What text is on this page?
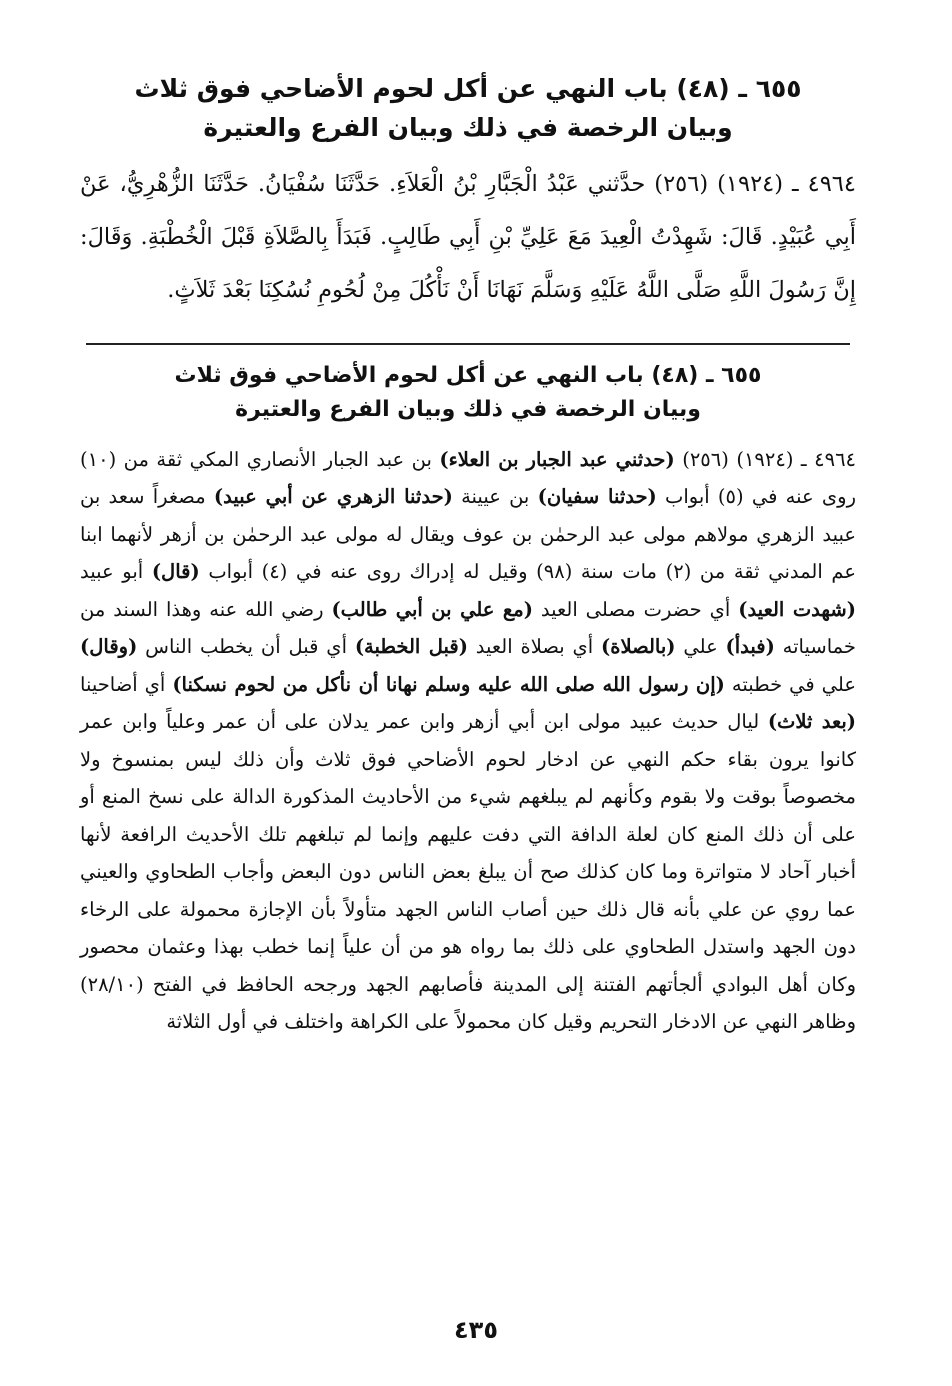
٦٥٥ ـ (٤٨) باب النهي عن أكل لحوم الأضاحي فوق ثلاث
وبيان الرخصة في ذلك وبيان الفرع والعتيرة

٤٩٦٤ ـ (١٩٢٤) (٢٥٦) حدَّثني عَبْدُ الْجَبَّارِ بْنُ الْعَلاَءِ. حَدَّثَنَا سُفْيَانُ. حَدَّثَنَا الزُّهْرِيُّ، عَنْ أَبِي عُبَيْدٍ. قَالَ: شَهِدْتُ الْعِيدَ مَعَ عَلِيِّ بْنِ أَبِي طَالِبٍ. فَبَدَأَ بِالصَّلاَةِ قَبْلَ الْخُطْبَةِ. وَقَالَ: إِنَّ رَسُولَ اللَّهِ صَلَّى اللَّهُ عَلَيْهِ وَسَلَّمَ نَهَانَا أَنْ نَأْكُلَ مِنْ لُحُومِ نُسُكِنَا بَعْدَ ثَلاَثٍ.

٦٥٥ ـ (٤٨) باب النهي عن أكل لحوم الأضاحي فوق ثلاث
وبيان الرخصة في ذلك وبيان الفرع والعتيرة

٤٩٦٤ ـ (١٩٢٤) (٢٥٦) (حدثني عبد الجبار بن العلاء) بن عبد الجبار الأنصاري المكي ثقة من (١٠) روى عنه في (٥) أبواب (حدثنا سفيان) بن عيينة (حدثنا الزهري عن أبي عبيد) مصغراً سعد بن عبيد الزهري مولاهم مولى عبد الرحمٰن بن عوف ويقال له مولى عبد الرحمٰن بن أزهر لأنهما ابنا عم المدني ثقة من (٢) مات سنة (٩٨) وقيل له إدراك روى عنه في (٤) أبواب (قال) أبو عبيد (شهدت العيد) أي حضرت مصلى العيد (مع علي بن أبي طالب) رضي الله عنه وهذا السند من خماسياته (فبدأ) علي (بالصلاة) أي بصلاة العيد (قبل الخطبة) أي قبل أن يخطب الناس (وقال) علي في خطبته (إن رسول الله صلى الله عليه وسلم نهانا أن نأكل من لحوم نسكنا) أي أضاحينا (بعد ثلاث) ليال حديث عبيد مولى ابن أبي أزهر وابن عمر يدلان على أن عمر وعلياً وابن عمر كانوا يرون بقاء حكم النهي عن ادخار لحوم الأضاحي فوق ثلاث وأن ذلك ليس بمنسوخ ولا مخصوصاً بوقت ولا بقوم وكأنهم لم يبلغهم شيء من الأحاديث المذكورة الدالة على نسخ المنع أو على أن ذلك المنع كان لعلة الدافة التي دفت عليهم وإنما لم تبلغهم تلك الأحديث الرافعة لأنها أخبار آحاد لا متواترة وما كان كذلك صح أن يبلغ بعض الناس دون البعض وأجاب الطحاوي والعيني عما روي عن علي بأنه قال ذلك حين أصاب الناس الجهد متأولاً بأن الإجازة محمولة على الرخاء دون الجهد واستدل الطحاوي على ذلك بما رواه هو من أن علياً إنما خطب بهذا وعثمان محصور وكان أهل البوادي ألجأتهم الفتنة إلى المدينة فأصابهم الجهد ورجحه الحافظ في الفتح (٢٨/١٠) وظاهر النهي عن الادخار التحريم وقيل كان محمولاً على الكراهة واختلف في أول الثلاثة

٤٣٥
